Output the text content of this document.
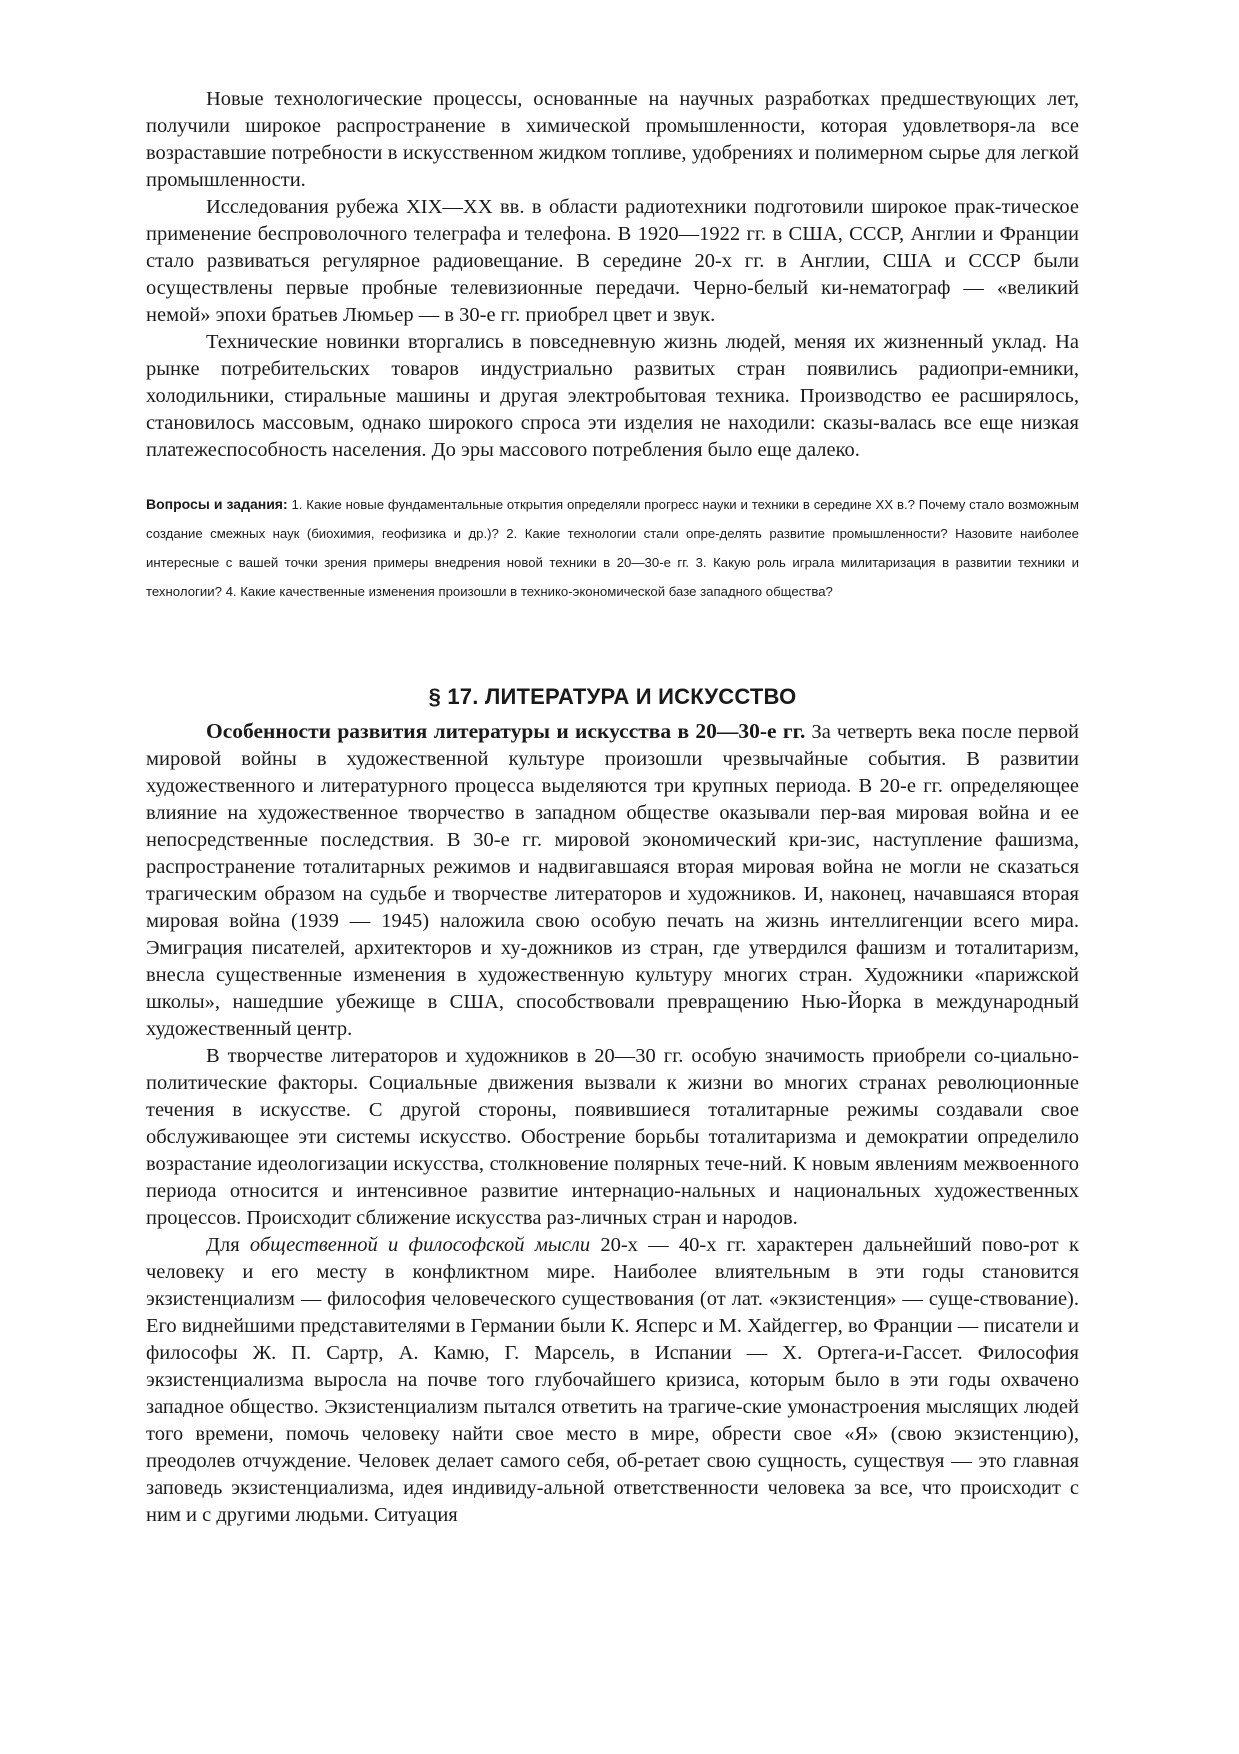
Новые технологические процессы, основанные на научных разработках предшествующих лет, получили широкое распространение в химической промышленности, которая удовлетворя-ла все возраставшие потребности в искусственном жидком топливе, удобрениях и полимерном сырье для легкой промышленности.

Исследования рубежа XIX—XX вв. в области радиотехники подготовили широкое прак-тическое применение беспроволочного телеграфа и телефона. В 1920—1922 гг. в США, СССР, Англии и Франции стало развиваться регулярное радиовещание. В середине 20-х гг. в Англии, США и СССР были осуществлены первые пробные телевизионные передачи. Черно-белый ки-нематограф — «великий немой» эпохи братьев Люмьер — в 30-е гг. приобрел цвет и звук.

Технические новинки вторгались в повседневную жизнь людей, меняя их жизненный уклад. На рынке потребительских товаров индустриально развитых стран появились радиопри-емники, холодильники, стиральные машины и другая электробытовая техника. Производство ее расширялось, становилось массовым, однако широкого спроса эти изделия не находили: сказы-валась все еще низкая платежеспособность населения. До эры массового потребления было еще далеко.

Вопросы и задания: 1. Какие новые фундаментальные открытия определяли прогресс науки и техники в середине XX в.? Почему стало возможным создание смежных наук (биохимия, геофизика и др.)? 2. Какие технологии стали опре-делять развитие промышленности? Назовите наиболее интересные с вашей точки зрения примеры внедрения новой техники в 20—30-е гг. 3. Какую роль играла милитаризация в развитии техники и технологии? 4. Какие качественные изменения произошли в технико-экономической базе западного общества?

§ 17. ЛИТЕРАТУРА И ИСКУССТВО

Особенности развития литературы и искусства в 20—30-е гг. За четверть века после первой мировой войны в художественной культуре произошли чрезвычайные события. В развитии художественного и литературного процесса выделяются три крупных периода. В 20-е гг. определяющее влияние на художественное творчество в западном обществе оказывали пер-вая мировая война и ее непосредственные последствия. В 30-е гг. мировой экономический кри-зис, наступление фашизма, распространение тоталитарных режимов и надвигавшаяся вторая мировая война не могли не сказаться трагическим образом на судьбе и творчестве литераторов и художников. И, наконец, начавшаяся вторая мировая война (1939 — 1945) наложила свою особую печать на жизнь интеллигенции всего мира. Эмиграция писателей, архитекторов и ху-дожников из стран, где утвердился фашизм и тоталитаризм, внесла существенные изменения в художественную культуру многих стран. Художники «парижской школы», нашедшие убежище в США, способствовали превращению Нью-Йорка в международный художественный центр.

В творчестве литераторов и художников в 20—30 гг. особую значимость приобрели со-циально-политические факторы. Социальные движения вызвали к жизни во многих странах революционные течения в искусстве. С другой стороны, появившиеся тоталитарные режимы создавали свое обслуживающее эти системы искусство. Обострение борьбы тоталитаризма и демократии определило возрастание идеологизации искусства, столкновение полярных тече-ний. К новым явлениям межвоенного периода относится и интенсивное развитие интернацио-нальных и национальных художественных процессов. Происходит сближение искусства раз-личных стран и народов.

Для общественной и философской мысли 20-х — 40-х гг. характерен дальнейший пово-рот к человеку и его месту в конфликтном мире. Наиболее влиятельным в эти годы становится экзистенциализм — философия человеческого существования (от лат. «экзистенция» — суще-ствование). Его виднейшими представителями в Германии были К. Ясперс и М. Хайдеггер, во Франции — писатели и философы Ж. П. Сартр, А. Камю, Г. Марсель, в Испании — X. Ортега-и-Гассет. Философия экзистенциализма выросла на почве того глубочайшего кризиса, которым было в эти годы охвачено западное общество. Экзистенциализм пытался ответить на трагиче-ские умонастроения мыслящих людей того времени, помочь человеку найти свое место в мире, обрести свое «Я» (свою экзистенцию), преодолев отчуждение. Человек делает самого себя, об-ретает свою сущность, существуя — это главная заповедь экзистенциализма, идея индивиду-альной ответственности человека за все, что происходит с ним и с другими людьми. Ситуация
